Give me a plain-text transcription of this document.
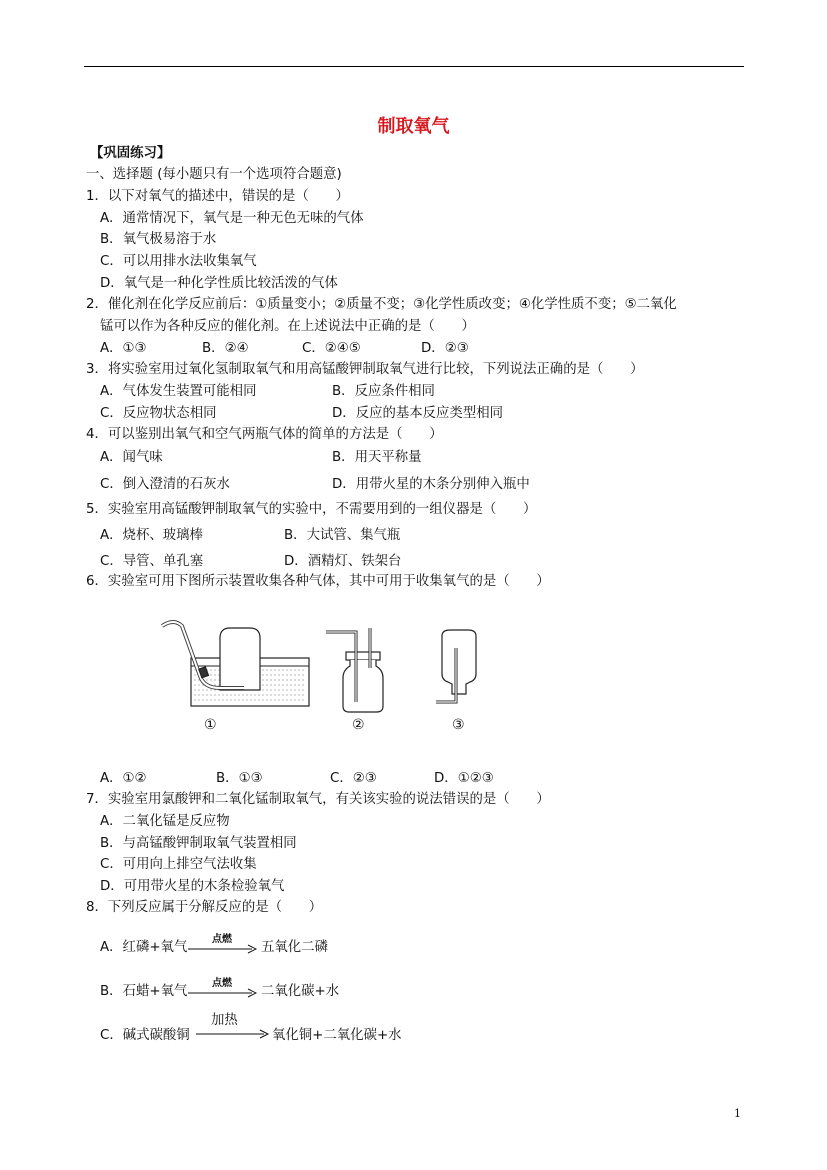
制取氧气
【巩固练习】
一、选择题 (每小题只有一个选项符合题意)
1．以下对氧气的描述中，错误的是（　　）
A．通常情况下，氧气是一种无色无味的气体
B．氧气极易溶于水
C．可以用排水法收集氧气
D．氧气是一种化学性质比较活泼的气体
2．催化剂在化学反应前后：①质量变小；②质量不变；③化学性质改变；④化学性质不变；⑤二氧化
锰可以作为各种反应的催化剂。在上述说法中正确的是（　　）
A．①③	B．②④	C．②④⑤	D．②③
3．将实验室用过氧化氢制取氧气和用高锰酸钾制取氧气进行比较，下列说法正确的是（　　）
A．气体发生装置可能相同	B．反应条件相同
C．反应物状态相同	D．反应的基本反应类型相同
4．可以鉴别出氧气和空气两瓶气体的简单的方法是（　　）
A．闻气味	B．用天平称量
C．倒入澄清的石灰水	D．用带火星的木条分别伸入瓶中
5．实验室用高锰酸钾制取氧气的实验中，不需要用到的一组仪器是（　　）
A．烧杯、玻璃棒	B．大试管、集气瓶
C．导管、单孔塞	D．酒精灯、铁架台
6．实验室可用下图所示装置收集各种气体，其中可用于收集氧气的是（　　）
①	②	③
A．①②	B．①③	C．②③	D．①②③
7．实验室用氯酸钾和二氧化锰制取氧气，有关该实验的说法错误的是（　　）
A．二氧化锰是反应物
B．与高锰酸钾制取氧气装置相同
C．可用向上排空气法收集
D．可用带火星的木条检验氧气
8．下列反应属于分解反应的是（　　）
A．红磷+氧气
点燃
五氧化二磷
B．石蜡+氧气
点燃
二氧化碳+水
C．碱式碳酸铜
加热
氧化铜+二氧化碳+水
1
